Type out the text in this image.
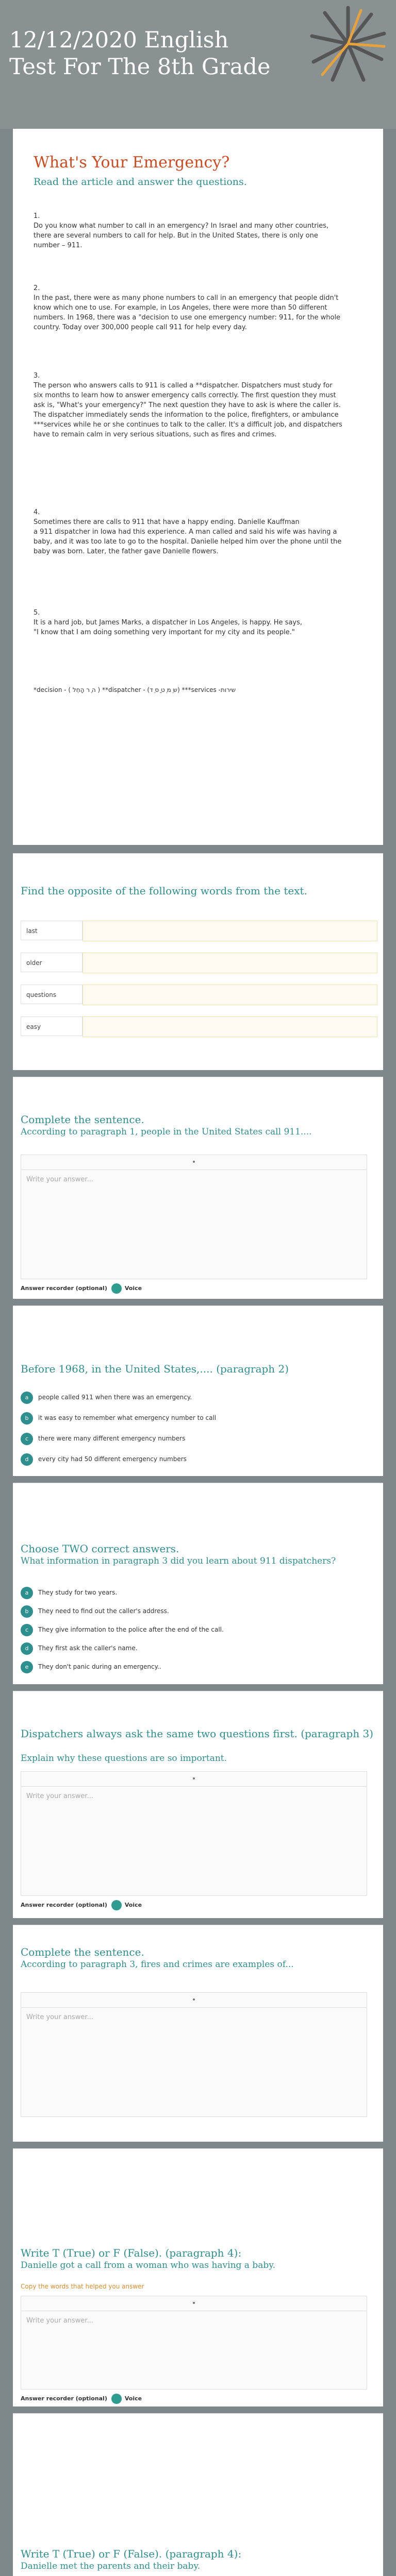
12/12/2020 English Test For The 8th Grade
What's Your Emergency?
Read the article and answer the questions.
1.
Do you know what number to call in an emergency? In Israel and many other countries, there are several numbers to call for help. But in the United States, there is only one number – 911.
2.
In the past, there were as many phone numbers to call in an emergency that people didn't know which one to use. For example, in Los Angeles, there were more than 50 different numbers. In 1968, there was a "decision to use one emergency number: 911, for the whole country. Today over 300,000 people call 911 for help every day.
3.
The person who answers calls to 911 is called a **dispatcher. Dispatchers must study for six months to learn how to answer emergency calls correctly. The first question they must ask is, "What's your emergency?" The next question they have to ask is where the caller is. The dispatcher immediately sends the information to the police, firefighters, or ambulance ***services while he or she continues to talk to the caller. It's a difficult job, and dispatchers have to remain calm in very serious situations, such as fires and crimes.
4.
Sometimes there are calls to 911 that have a happy ending. Danielle Kauffman
a 911 dispatcher in Iowa had this experience. A man called and said his wife was having a baby, and it was too late to go to the hospital. Danielle helped him over the phone until the baby was born. Later, the father gave Danielle flowers.
5.
It is a hard job, but James Marks, a dispatcher in Los Angeles, is happy. He says,
"I know that I am doing something very important for my city and its people."
*decision - ( ה ֶר הָחְל ) **dispatcher - (ש ֵמ ְט ַס ֵד) ***services -שירות
Find the opposite of the following words from the text.
last
older
questions
easy
Complete the sentence.
According to paragraph 1, people in the United States call 911....
•
Write your answer...
Answer recorder (optional)	Voice
Before 1968, in the United States,.... (paragraph 2)
a people called 911 when there was an emergency.
b it was easy to remember what emergency number to call
c there were many different emergency numbers
d every city had 50 different emergency numbers
Choose TWO correct answers.
What information in paragraph 3 did you learn about 911 dispatchers?
a They study for two years.
b They need to find out the caller's address.
c They give information to the police after the end of the call.
d They first ask the caller's name.
e They don't panic during an emergency..
Dispatchers always ask the same two questions first. (paragraph 3)
Explain why these questions are so important.
•
Write your answer...
Answer recorder (optional)	Voice
Complete the sentence.
According to paragraph 3, fires and crimes are examples of...
•
Write your answer...
Write T (True) or F (False). (paragraph 4):
Danielle got a call from a woman who was having a baby.
Copy the words that helped you answer
•
Write your answer...
Answer recorder (optional)	Voice
Write T (True) or F (False). (paragraph 4):
Danielle met the parents and their baby.
